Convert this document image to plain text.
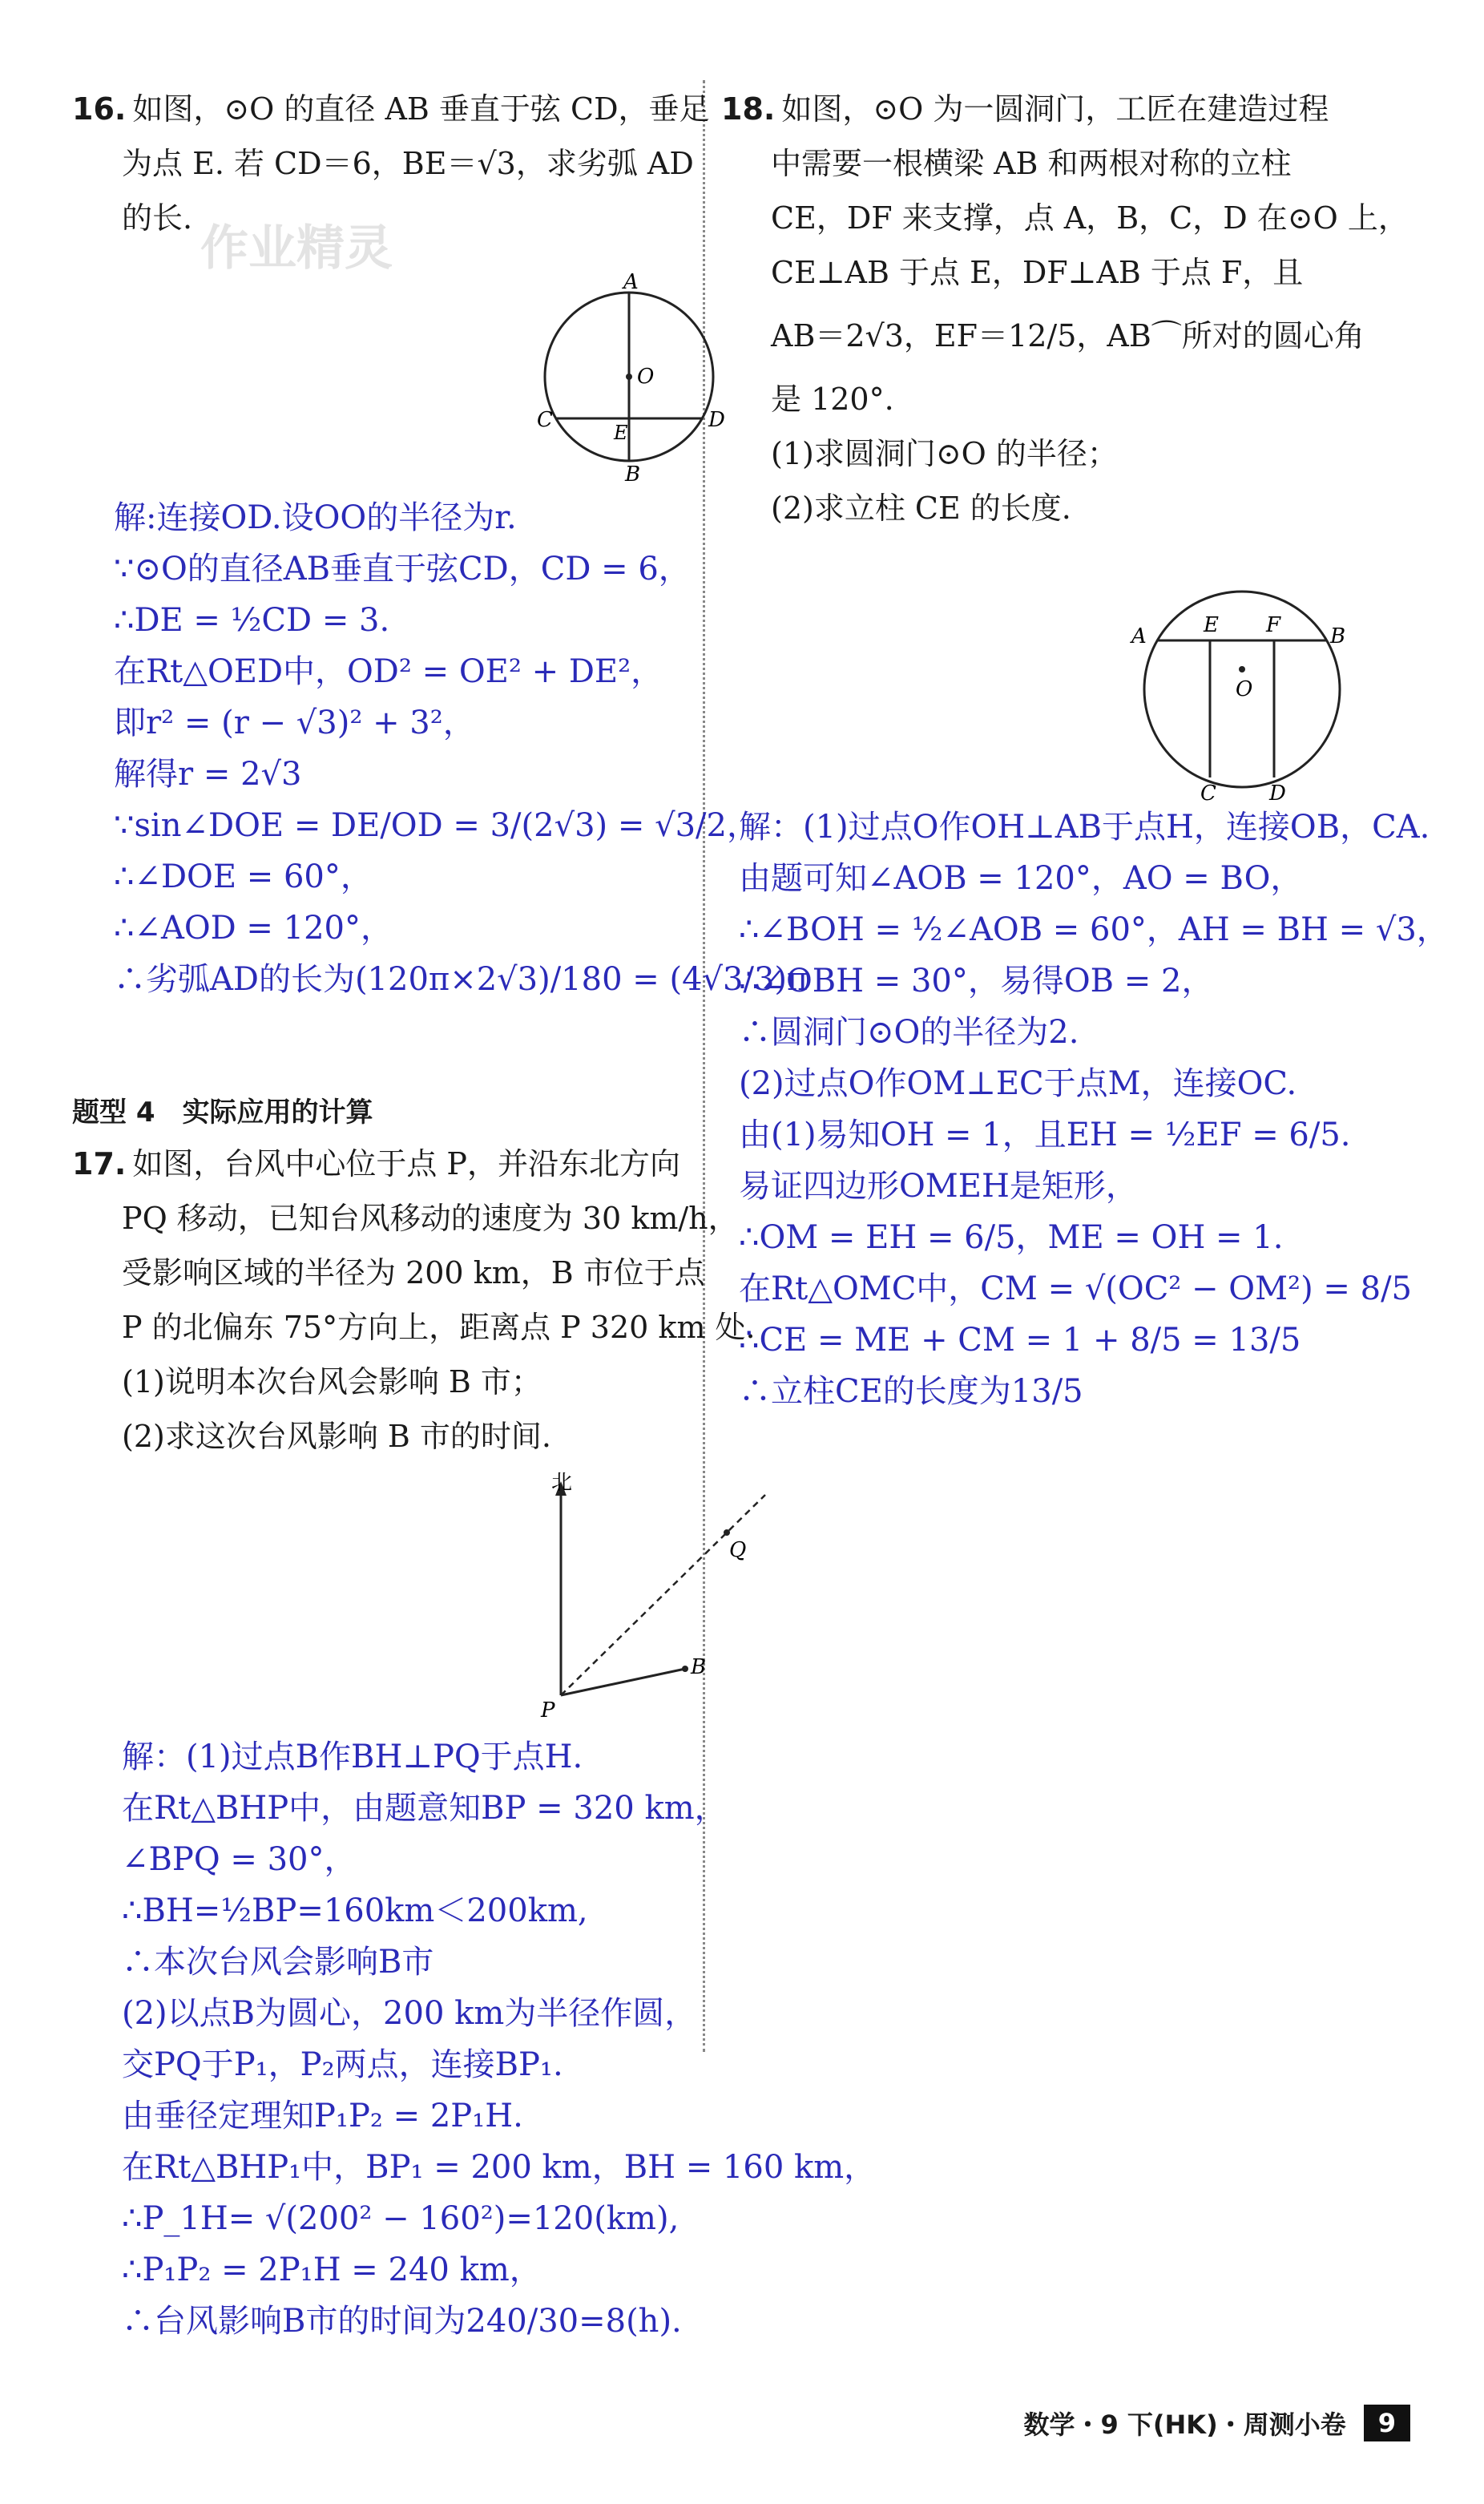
16. 如图，⊙O 的直径 AB 垂直于弦 CD，垂足
为点 E. 若 CD＝6，BE＝√3，求劣弧 AD
的长.
作业精灵
A
B
C	D
E
O
解:连接OD.设OO的半径为r.
∵⊙O的直径AB垂直于弦CD，CD = 6，
∴DE = ½CD = 3.
在Rt△OED中，OD² = OE² + DE²，
即r² = (r − √3)² + 3²，
解得r = 2√3
∵sin∠DOE = DE/OD = 3/(2√3) = √3/2，
∴∠DOE = 60°，
∴∠AOD = 120°，
∴劣弧AD的长为(120π×2√3)/180 = (4√3/3)π
题型 4　实际应用的计算
17. 如图，台风中心位于点 P，并沿东北方向
PQ 移动，已知台风移动的速度为 30 km/h，
受影响区域的半径为 200 km，B 市位于点
P 的北偏东 75°方向上，距离点 P 320 km 处.
(1)说明本次台风会影响 B 市；
(2)求这次台风影响 B 市的时间.
北
Q
B
P
解：(1)过点B作BH⊥PQ于点H.
在Rt△BHP中，由题意知BP = 320 km，
∠BPQ = 30°，
∴BH=½BP=160km＜200km,
∴本次台风会影响B市
(2)以点B为圆心，200 km为半径作圆，
交PQ于P₁，P₂两点，连接BP₁.
由垂径定理知P₁P₂ = 2P₁H.
在Rt△BHP₁中，BP₁ = 200 km，BH = 160 km，
∴P_1H= √(200² − 160²)=120(km),
∴P₁P₂ = 2P₁H = 240 km，
∴台风影响B市的时间为240/30=8(h).
18. 如图，⊙O 为一圆洞门，工匠在建造过程
中需要一根横梁 AB 和两根对称的立柱
CE，DF 来支撑，点 A，B，C，D 在⊙O 上，
CE⊥AB 于点 E，DF⊥AB 于点 F，且
AB＝2√3，EF＝12/5，AB⌒所对的圆心角
是 120°.
(1)求圆洞门⊙O 的半径；
(2)求立柱 CE 的长度.
A	E F B
O
C	D
解：(1)过点O作OH⊥AB于点H，连接OB，CA.
由题可知∠AOB = 120°，AO = BO，
∴∠BOH = ½∠AOB = 60°，AH = BH = √3，
∴∠OBH = 30°，易得OB = 2，
∴圆洞门⊙O的半径为2.
(2)过点O作OM⊥EC于点M，连接OC.
由(1)易知OH = 1，且EH = ½EF = 6/5.
易证四边形OMEH是矩形，
∴OM = EH = 6/5，ME = OH = 1.
在Rt△OMC中，CM = √(OC² − OM²) = 8/5
∴CE = ME + CM = 1 + 8/5 = 13/5
∴立柱CE的长度为13/5
数学・9 下(HK)・周测小卷	9
